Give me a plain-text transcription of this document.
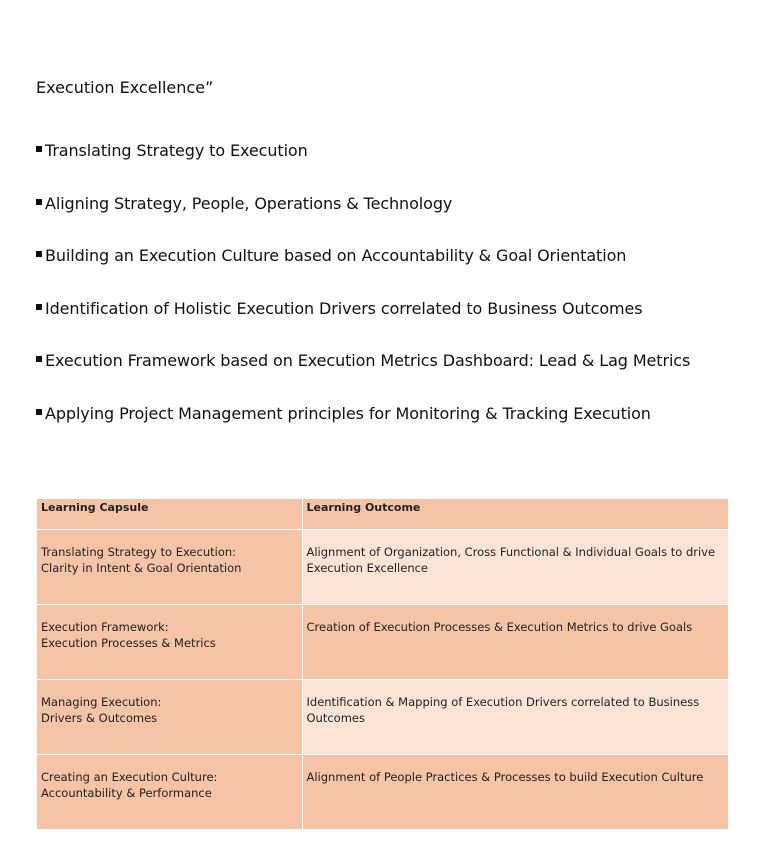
Execution Excellence”
Translating Strategy to Execution
Aligning Strategy, People, Operations & Technology
Building an Execution Culture based on Accountability & Goal Orientation
Identification of Holistic Execution Drivers correlated to Business Outcomes
Execution Framework based on Execution Metrics Dashboard: Lead & Lag Metrics
Applying Project Management principles for Monitoring & Tracking Execution
Learning Capsule	Learning Outcome

Translating Strategy to Execution:
Clarity in Intent & Goal Orientation	Alignment of Organization, Cross Functional & Individual Goals to drive
Execution Excellence

Execution Framework:
Execution Processes & Metrics	Creation of Execution Processes & Execution Metrics to drive Goals

Managing Execution:
Drivers & Outcomes	Identification & Mapping of Execution Drivers correlated to Business
Outcomes

Creating an Execution Culture:
Accountability & Performance	Alignment of People Practices & Processes to build Execution Culture
